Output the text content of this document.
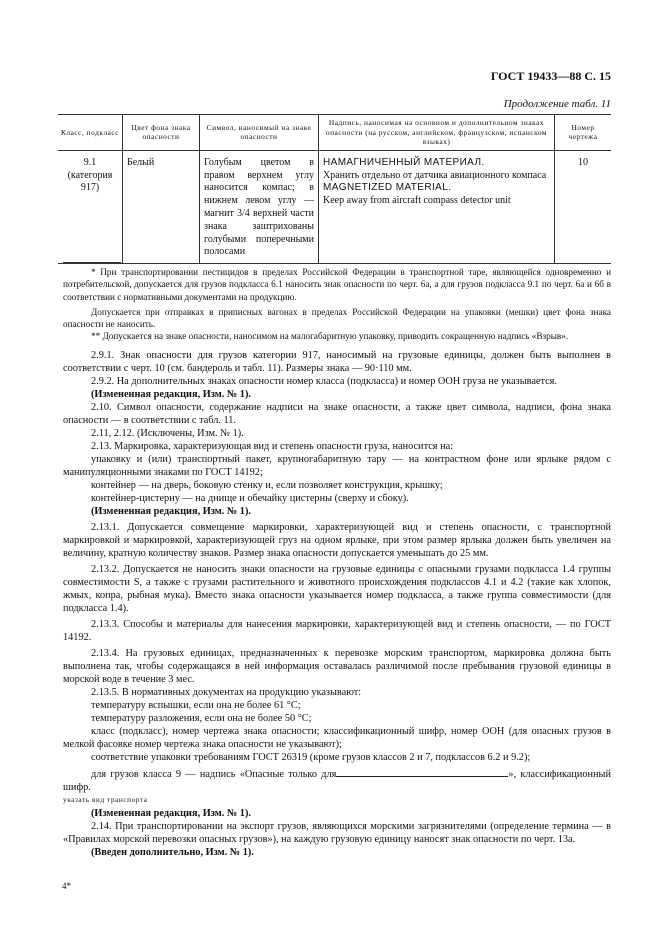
ГОСТ 19433—88 С. 15
Продолжение табл. 11
Класс, подкласс	Цвет фона знака опасности	Символ, наносимый на знаке опасности	Надпись, наносимая на основном и дополнительном знаках опасности (на русском, английском, французском, испанском языках)	Номер чертежа
9.1 (категория 917)	Белый	Голубым цветом в правом верхнем углу наносится компас; в нижнем левом углу — магнит 3/4 верхней части знака заштрихованы голубыми поперечными полосами	НАМАГНИЧЕННЫЙ МАТЕРИАЛ.
Хранить отдельно от датчика авиационного компаса
MAGNETIZED MATERIAL.
Keep away from aircraft compass detector unit	10

* При транспортировании пестицидов в пределах Российской Федерации в транспортной таре, являющейся одновременно и потребительской, допускается для грузов подкласса 6.1 наносить знак опасности по черт. 6а, а для грузов подкласса 9.1 по черт. 6а и 6б в соответствии с нормативными документами на продукцию.

Допускается при отправках в приписных вагонах в пределах Российской Федерации на упаковки (мешки) цвет фона знака опасности не наносить.

** Допускается на знаке опасности, наносимом на малогабаритную упаковку, приводить сокращенную надпись «Взрыв».

2.9.1. Знак опасности для грузов категории 917, наносимый на грузовые единицы, должен быть выполнен в соответствии с черт. 10 (см. бандероль и табл. 11). Размеры знака — 90·110 мм.

2.9.2. На дополнительных знаках опасности номер класса (подкласса) и номер ООН груза не указывается.

(Измененная редакция, Изм. № 1).

2.10. Символ опасности, содержание надписи на знаке опасности, а также цвет символа, надписи, фона знака опасности — в соответствии с табл. 11.

2.11, 2.12. (Исключены, Изм. № 1).

2.13. Маркировка, характеризующая вид и степень опасности груза, наносится на:

упаковку и (или) транспортный пакет, крупногабаритную тару — на контрастном фоне или ярлыке рядом с манипуляционными знаками по ГОСТ 14192;

контейнер — на дверь, боковую стенку и, если позволяет конструкция, крышку;

контейнер-цистерну — на днище и обечайку цистерны (сверху и сбоку).

(Измененная редакция, Изм. № 1).

2.13.1. Допускается совмещение маркировки, характеризующей вид и степень опасности, с транспортной маркировкой и маркировкой, характеризующей груз на одном ярлыке, при этом размер ярлыка должен быть увеличен на величину, кратную количеству знаков. Размер знака опасности допускается уменьшать до 25 мм.

2.13.2. Допускается не наносить знаки опасности на грузовые единицы с опасными грузами подкласса 1.4 группы совместимости S, а также с грузами растительного и животного происхождения подклассов 4.1 и 4.2 (такие как хлопок, жмых, копра, рыбная мука). Вместо знака опасности указывается номер подкласса, а также группа совместимости (для подкласса 1.4).

2.13.3. Способы и материалы для нанесения маркировки, характеризующей вид и степень опасности, — по ГОСТ 14192.

2.13.4. На грузовых единицах, предназначенных к перевозке морским транспортом, маркировка должна быть выполнена так, чтобы содержащаяся в ней информация оставалась различимой после пребывания грузовой единицы в морской воде в течение 3 мес.

2.13.5. В нормативных документах на продукцию указывают:

температуру вспышки, если она не более 61 °С;

температуру разложения, если она не более 50 °С;

класс (подкласс), номер чертежа знака опасности; классификационный шифр, номер ООН (для опасных грузов в мелкой фасовке номер чертежа знака опасности не указывают);

соответствие упаковки требованиям ГОСТ 26319 (кроме грузов классов 2 и 7, подклассов 6.2 и 9.2);

для грузов класса 9 — надпись «Опасные только для	», классификационный шифр.

указать вид транспорта

(Измененная редакция, Изм. № 1).

2.14. При транспортировании на экспорт грузов, являющихся морскими загрязнителями (определение термина — в «Правилах морской перевозки опасных грузов»), на каждую грузовую единицу наносят знак опасности по черт. 13а.

(Введен дополнительно, Изм. № 1).

4*
